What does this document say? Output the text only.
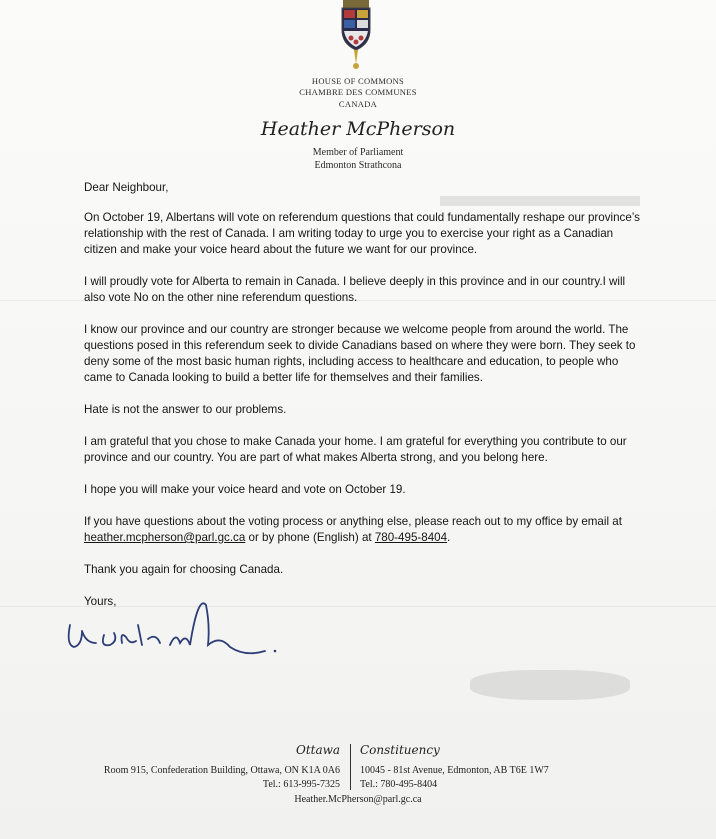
HOUSE OF COMMONS
CHAMBRE DES COMMUNES
CANADA
Heather McPherson
Member of Parliament
Edmonton Strathcona

Dear Neighbour,

On October 19, Albertans will vote on referendum questions that could fundamentally reshape our province’s relationship with the rest of Canada. I am writing today to urge you to exercise your right as a Canadian citizen and make your voice heard about the future we want for our province.

I will proudly vote for Alberta to remain in Canada. I believe deeply in this province and in our country.I will also vote No on the other nine referendum questions.

I know our province and our country are stronger because we welcome people from around the world. The questions posed in this referendum seek to divide Canadians based on where they were born. They seek to deny some of the most basic human rights, including access to healthcare and education, to people who came to Canada looking to build a better life for themselves and their families.

Hate is not the answer to our problems.

I am grateful that you chose to make Canada your home. I am grateful for everything you contribute to our province and our country. You are part of what makes Alberta strong, and you belong here.

I hope you will make your voice heard and vote on October 19.

If you have questions about the voting process or anything else, please reach out to my office by email at heather.mcpherson@parl.gc.ca or by phone (English) at 780-495-8404.

Thank you again for choosing Canada.

Yours,

Ottawa Constituency
Room 915, Confederation Building, Ottawa, ON K1A 0A6
Tel.: 613-995-7325
10045 - 81st Avenue, Edmonton, AB T6E 1W7
Tel.: 780-495-8404
Heather.McPherson@parl.gc.ca
